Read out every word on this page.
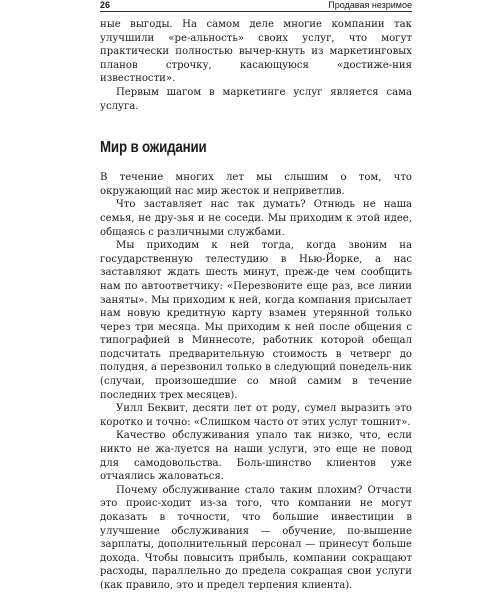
26	Продавая незримое

ные выгоды. На самом деле многие компании так улучшили «ре-альность» своих услуг, что могут практически полностью вычер-кнуть из маркетинговых планов строчку, касающуюся «достиже-ния известности».

Первым шагом в маркетинге услуг является сама услуга.

Мир в ожидании

В течение многих лет мы слышим о том, что окружающий нас мир жесток и неприветлив.

Что заставляет нас так думать? Отнюдь не наша семья, не дру-зья и не соседи. Мы приходим к этой идее, общаясь с различными службами.

Мы приходим к ней тогда, когда звоним на государственную телестудию в Нью-Йорке, а нас заставляют ждать шесть минут, преж-де чем сообщить нам по автоответчику: «Перезвоните еще раз, все линии заняты». Мы приходим к ней, когда компания присылает нам новую кредитную карту взамен утерянной только через три месяца. Мы приходим к ней после общения с типографией в Миннесоте, работник которой обещал подсчитать предварительную стоимость в четверг до полудня, а перезвонил только в следующий понедель-ник (случаи, произошедшие со мной самим в течение последних трех месяцев).

Уилл Беквит, десяти лет от роду, сумел выразить это коротко и точно: «Слишком часто от этих услуг тошнит».

Качество обслуживания упало так низко, что, если никто не жа-луется на наши услуги, это еще не повод для самодовольства. Боль-шинство клиентов уже отчаялись жаловаться.

Почему обслуживание стало таким плохим? Отчасти это проис-ходит из-за того, что компании не могут доказать в точности, что большие инвестиции в улучшение обслуживания — обучение, по-вышение зарплаты, дополнительный персонал — принесут больше дохода. Чтобы повысить прибыль, компании сокращают расходы, параллельно до предела сокращая свои услуги (как правило, это и предел терпения клиента).
